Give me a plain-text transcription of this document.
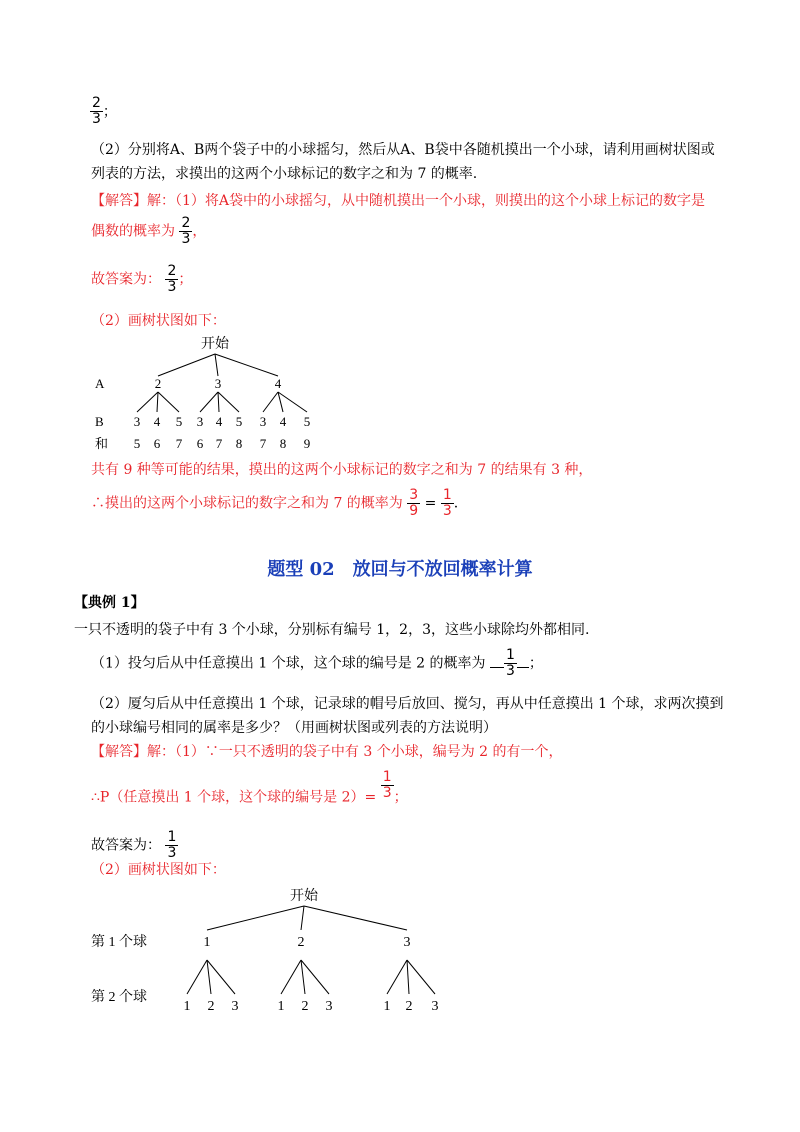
$\frac{2}{3}$ ；
（2）分别将A、B两个袋子中的小球摇匀，然后从A、B袋中各随机摸出一个小球，请利用画树状图或
列表的方法，求摸出的这两个小球标记的数字之和为 7 的概率.
【解答】解：（1）将A袋中的小球摇匀，从中随机摸出一个小球，则摸出的这个小球上标记的数字是
偶数的概率为 $\frac{2}{3}$ ，
故答案为： $\frac{2}{3}$ ；
（2）画树状图如下：
开始
A	2	3	4
B 3 4 5 3 4 5 3 4 5
和 5 6 7 6 7 8 7 8 9
共有 9 种等可能的结果，摸出的这两个小球标记的数字之和为 7 的结果有 3 种，
∴摸出的这两个小球标记的数字之和为 7 的概率为 $\frac{3}{9} = \frac{1}{3}$ .
题型 02　放回与不放回概率计算
【典例 1】
一只不透明的袋子中有 3 个小球，分别标有编号 1，2，3，这些小球除均外都相同.
（1）投匀后从中任意摸出 1 个球，这个球的编号是 2 的概率为 $\frac{1}{3}$ ；
（2）厦匀后从中任意摸出 1 个球，记录球的帽号后放回、搅匀，再从中任意摸出 1 个球，求两次摸到
的小球编号相同的属率是多少？（用画树状图或列表的方法说明）
【解答】解：（1）∵一只不透明的袋子中有 3 个小球，编号为 2 的有一个，
∴P（任意摸出 1 个球，这个球的编号是 $2)= \frac{1}{3}$ ；
故答案为： $\frac{1}{3}$
（2）画树状图如下：
开始
第 1 个球	1	2	3
第 2 个球
1 2 3	1 2 3	1 2 3
